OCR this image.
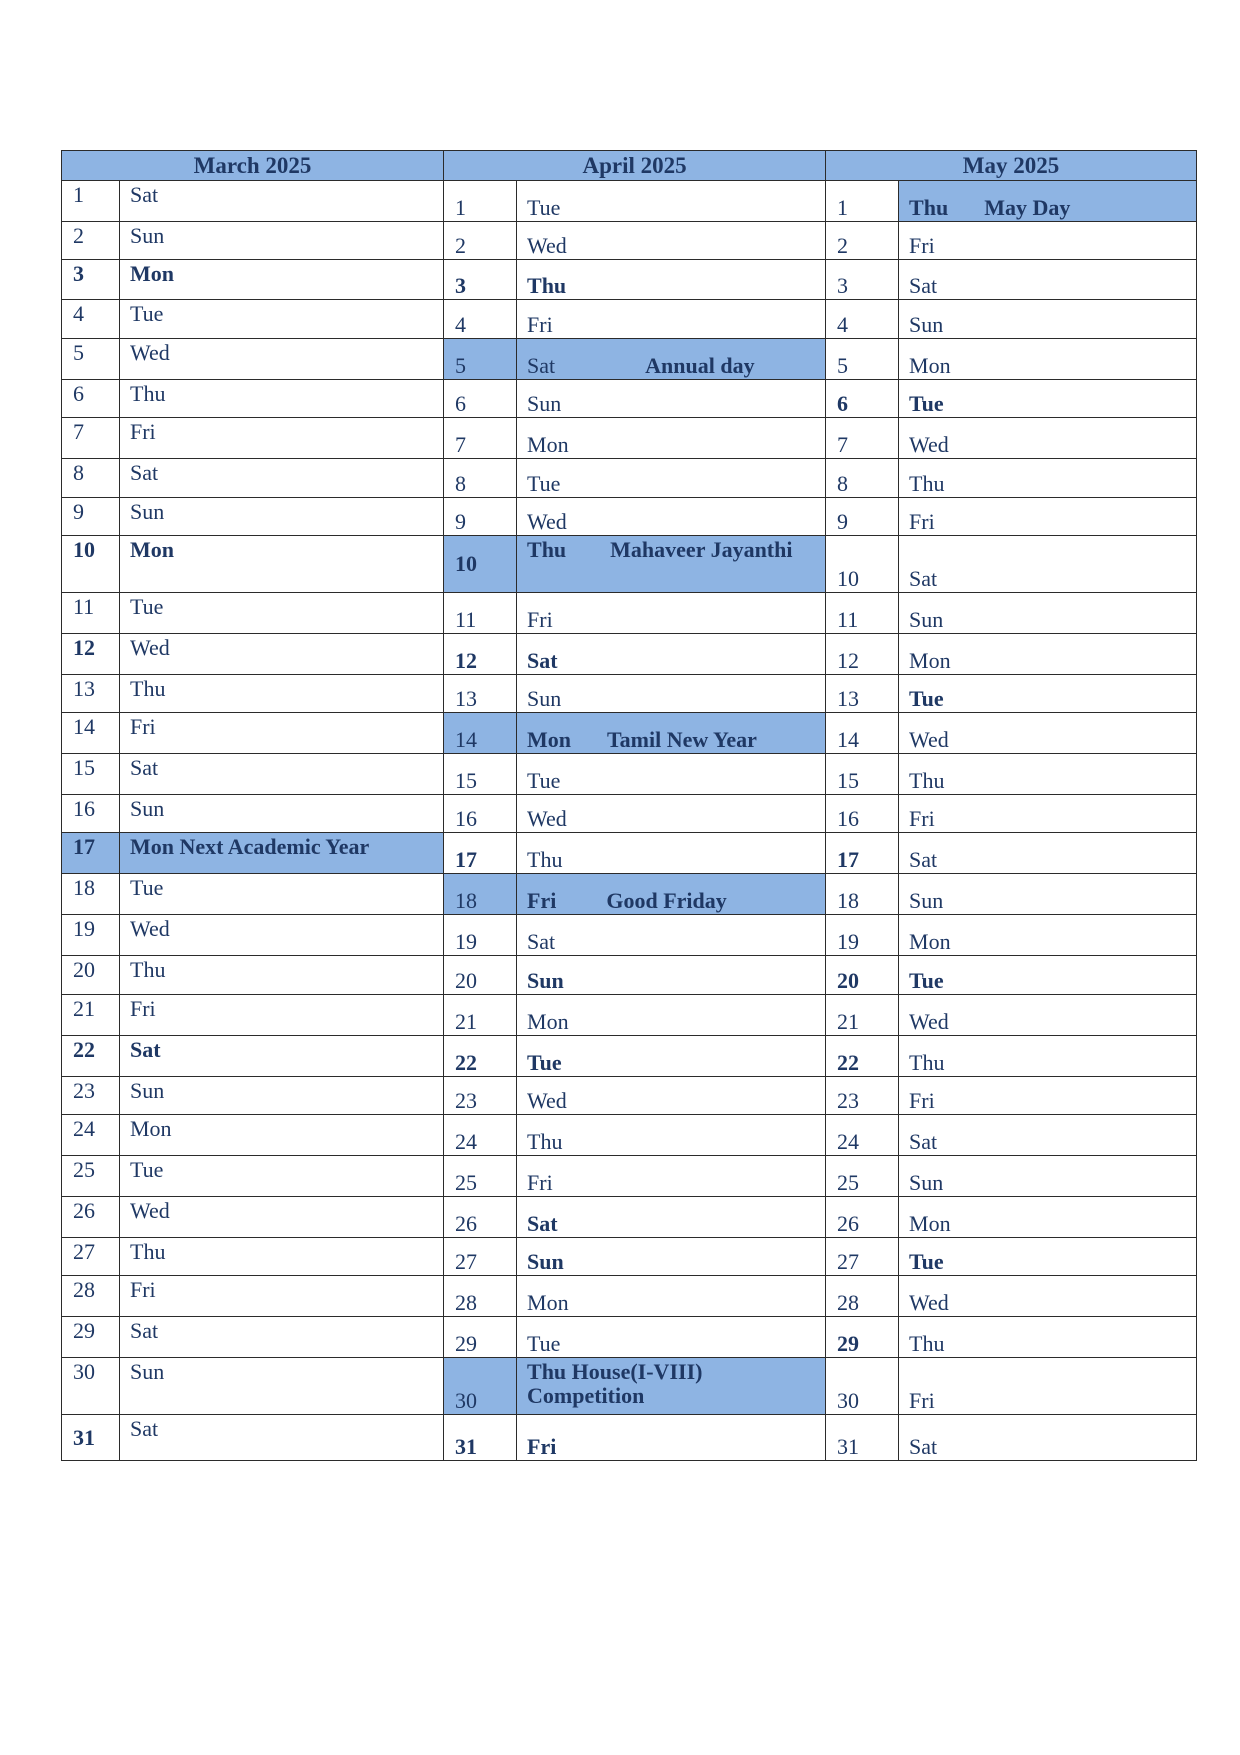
March 2025		April 2025		May 2025	
1	Sat	1	Tue	1	Thu May Day
2	Sun	2	Wed	2	Fri
3	Mon	3	Thu	3	Sat
4	Tue	4	Fri	4	Sun
5	Wed	5	Sat Annual day	5	Mon
6	Thu	6	Sun	6	Tue
7	Fri	7	Mon	7	Wed
8	Sat	8	Tue	8	Thu
9	Sun	9	Wed	9	Fri
10	Mon	10	Thu Mahaveer Jayanthi	10	Sat
11	Tue	11	Fri	11	Sun
12	Wed	12	Sat	12	Mon
13	Thu	13	Sun	13	Tue
14	Fri	14	Mon Tamil New Year	14	Wed
15	Sat	15	Tue	15	Thu
16	Sun	16	Wed	16	Fri
17	Mon Next Academic Year	17	Thu	17	Sat
18	Tue	18	Fri Good Friday	18	Sun
19	Wed	19	Sat	19	Mon
20	Thu	20	Sun	20	Tue
21	Fri	21	Mon	21	Wed
22	Sat	22	Tue	22	Thu
23	Sun	23	Wed	23	Fri
24	Mon	24	Thu	24	Sat
25	Tue	25	Fri	25	Sun
26	Wed	26	Sat	26	Mon
27	Thu	27	Sun	27	Tue
28	Fri	28	Mon	28	Wed
29	Sat	29	Tue	29	Thu
30	Sun	30	Thu House(I-VIII) Competition	30	Fri
31	Sat	31	Fri	31	Sat
